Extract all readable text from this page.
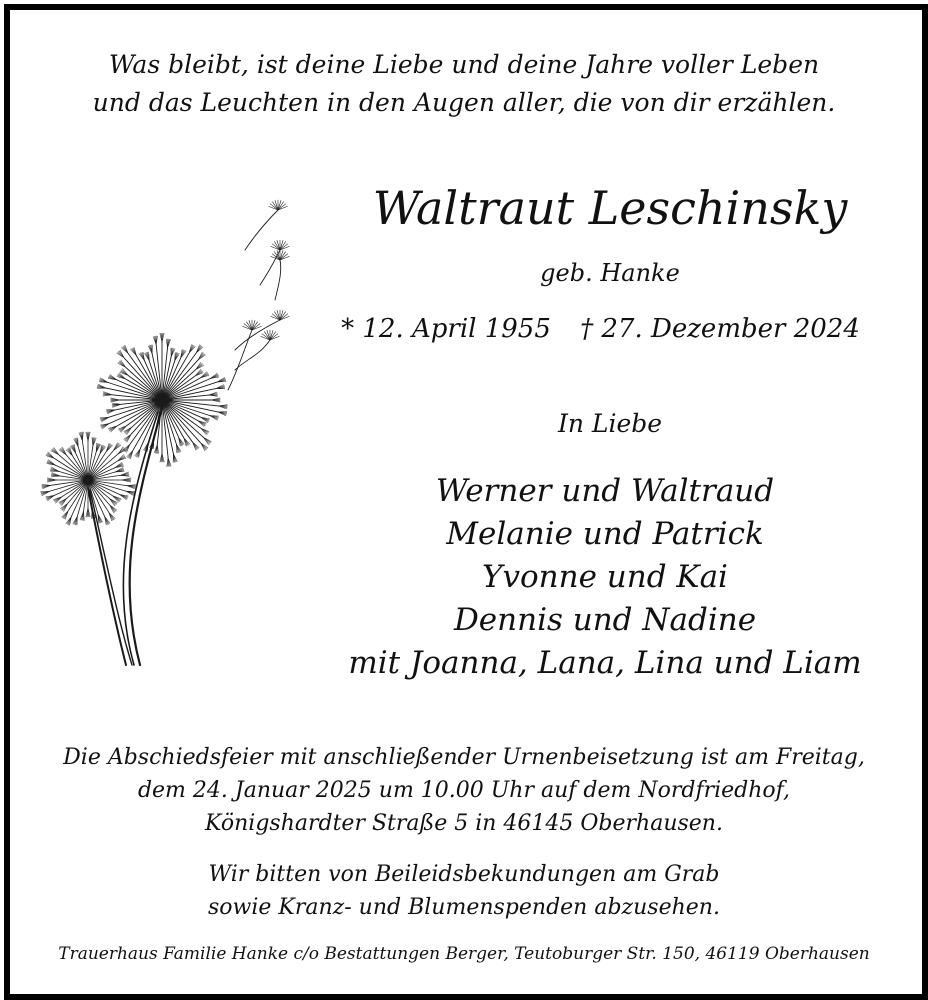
Was bleibt, ist deine Liebe und deine Jahre voller Leben
und das Leuchten in den Augen aller, die von dir erzählen.
Waltraut Leschinsky
geb. Hanke
* 12. April 1955 † 27. Dezember 2024
In Liebe
Werner und Waltraud
Melanie und Patrick
Yvonne und Kai
Dennis und Nadine
mit Joanna, Lana, Lina und Liam
Die Abschiedsfeier mit anschließender Urnenbeisetzung ist am Freitag,
dem 24. Januar 2025 um 10.00 Uhr auf dem Nordfriedhof,
Königshardter Straße 5 in 46145 Oberhausen.
Wir bitten von Beileidsbekundungen am Grab
sowie Kranz- und Blumenspenden abzusehen.
Trauerhaus Familie Hanke c/o Bestattungen Berger, Teutoburger Str. 150, 46119 Oberhausen
